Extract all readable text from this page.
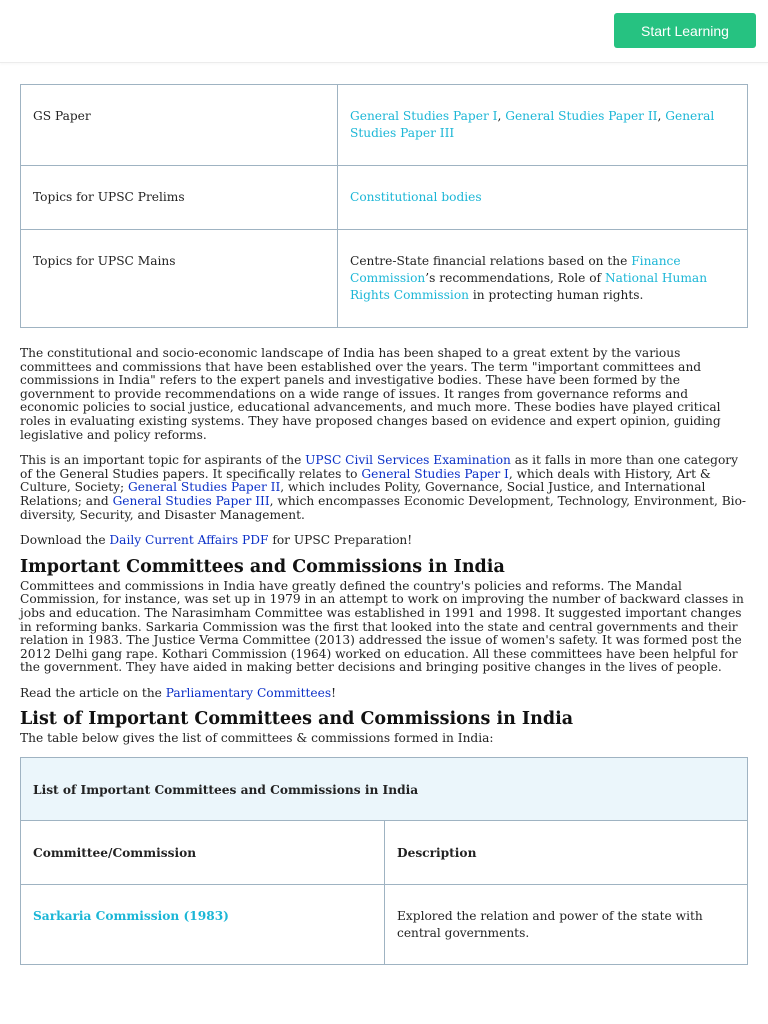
Start Learning
GS Paper	General Studies Paper I, General Studies Paper II, General Studies Paper III
Topics for UPSC Prelims	Constitutional bodies
Topics for UPSC Mains	Centre-State financial relations based on the Finance Commission’s recommendations, Role of National Human Rights Commission in protecting human rights.

The constitutional and socio-economic landscape of India has been shaped to a great extent by the various committees and commissions that have been established over the years. The term "important committees and commissions in India" refers to the expert panels and investigative bodies. These have been formed by the government to provide recommendations on a wide range of issues. It ranges from governance reforms and economic policies to social justice, educational advancements, and much more. These bodies have played critical roles in evaluating existing systems. They have proposed changes based on evidence and expert opinion, guiding legislative and policy reforms.

This is an important topic for aspirants of the UPSC Civil Services Examination as it falls in more than one category of the General Studies papers. It specifically relates to General Studies Paper I, which deals with History, Art & Culture, Society; General Studies Paper II, which includes Polity, Governance, Social Justice, and International Relations; and General Studies Paper III, which encompasses Economic Development, Technology, Environment, Bio-diversity, Security, and Disaster Management.

Download the Daily Current Affairs PDF for UPSC Preparation!

Important Committees and Commissions in India

Committees and commissions in India have greatly defined the country's policies and reforms. The Mandal Commission, for instance, was set up in 1979 in an attempt to work on improving the number of backward classes in jobs and education. The Narasimham Committee was established in 1991 and 1998. It suggested important changes in reforming banks. Sarkaria Commission was the first that looked into the state and central governments and their relation in 1983. The Justice Verma Committee (2013) addressed the issue of women's safety. It was formed post the 2012 Delhi gang rape. Kothari Commission (1964) worked on education. All these committees have been helpful for the government. They have aided in making better decisions and bringing positive changes in the lives of people.

Read the article on the Parliamentary Committees!

List of Important Committees and Commissions in India

The table below gives the list of committees & commissions formed in India:

List of Important Committees and Commissions in India	
Committee/Commission	Description
Sarkaria Commission (1983)	Explored the relation and power of the state with central governments.
